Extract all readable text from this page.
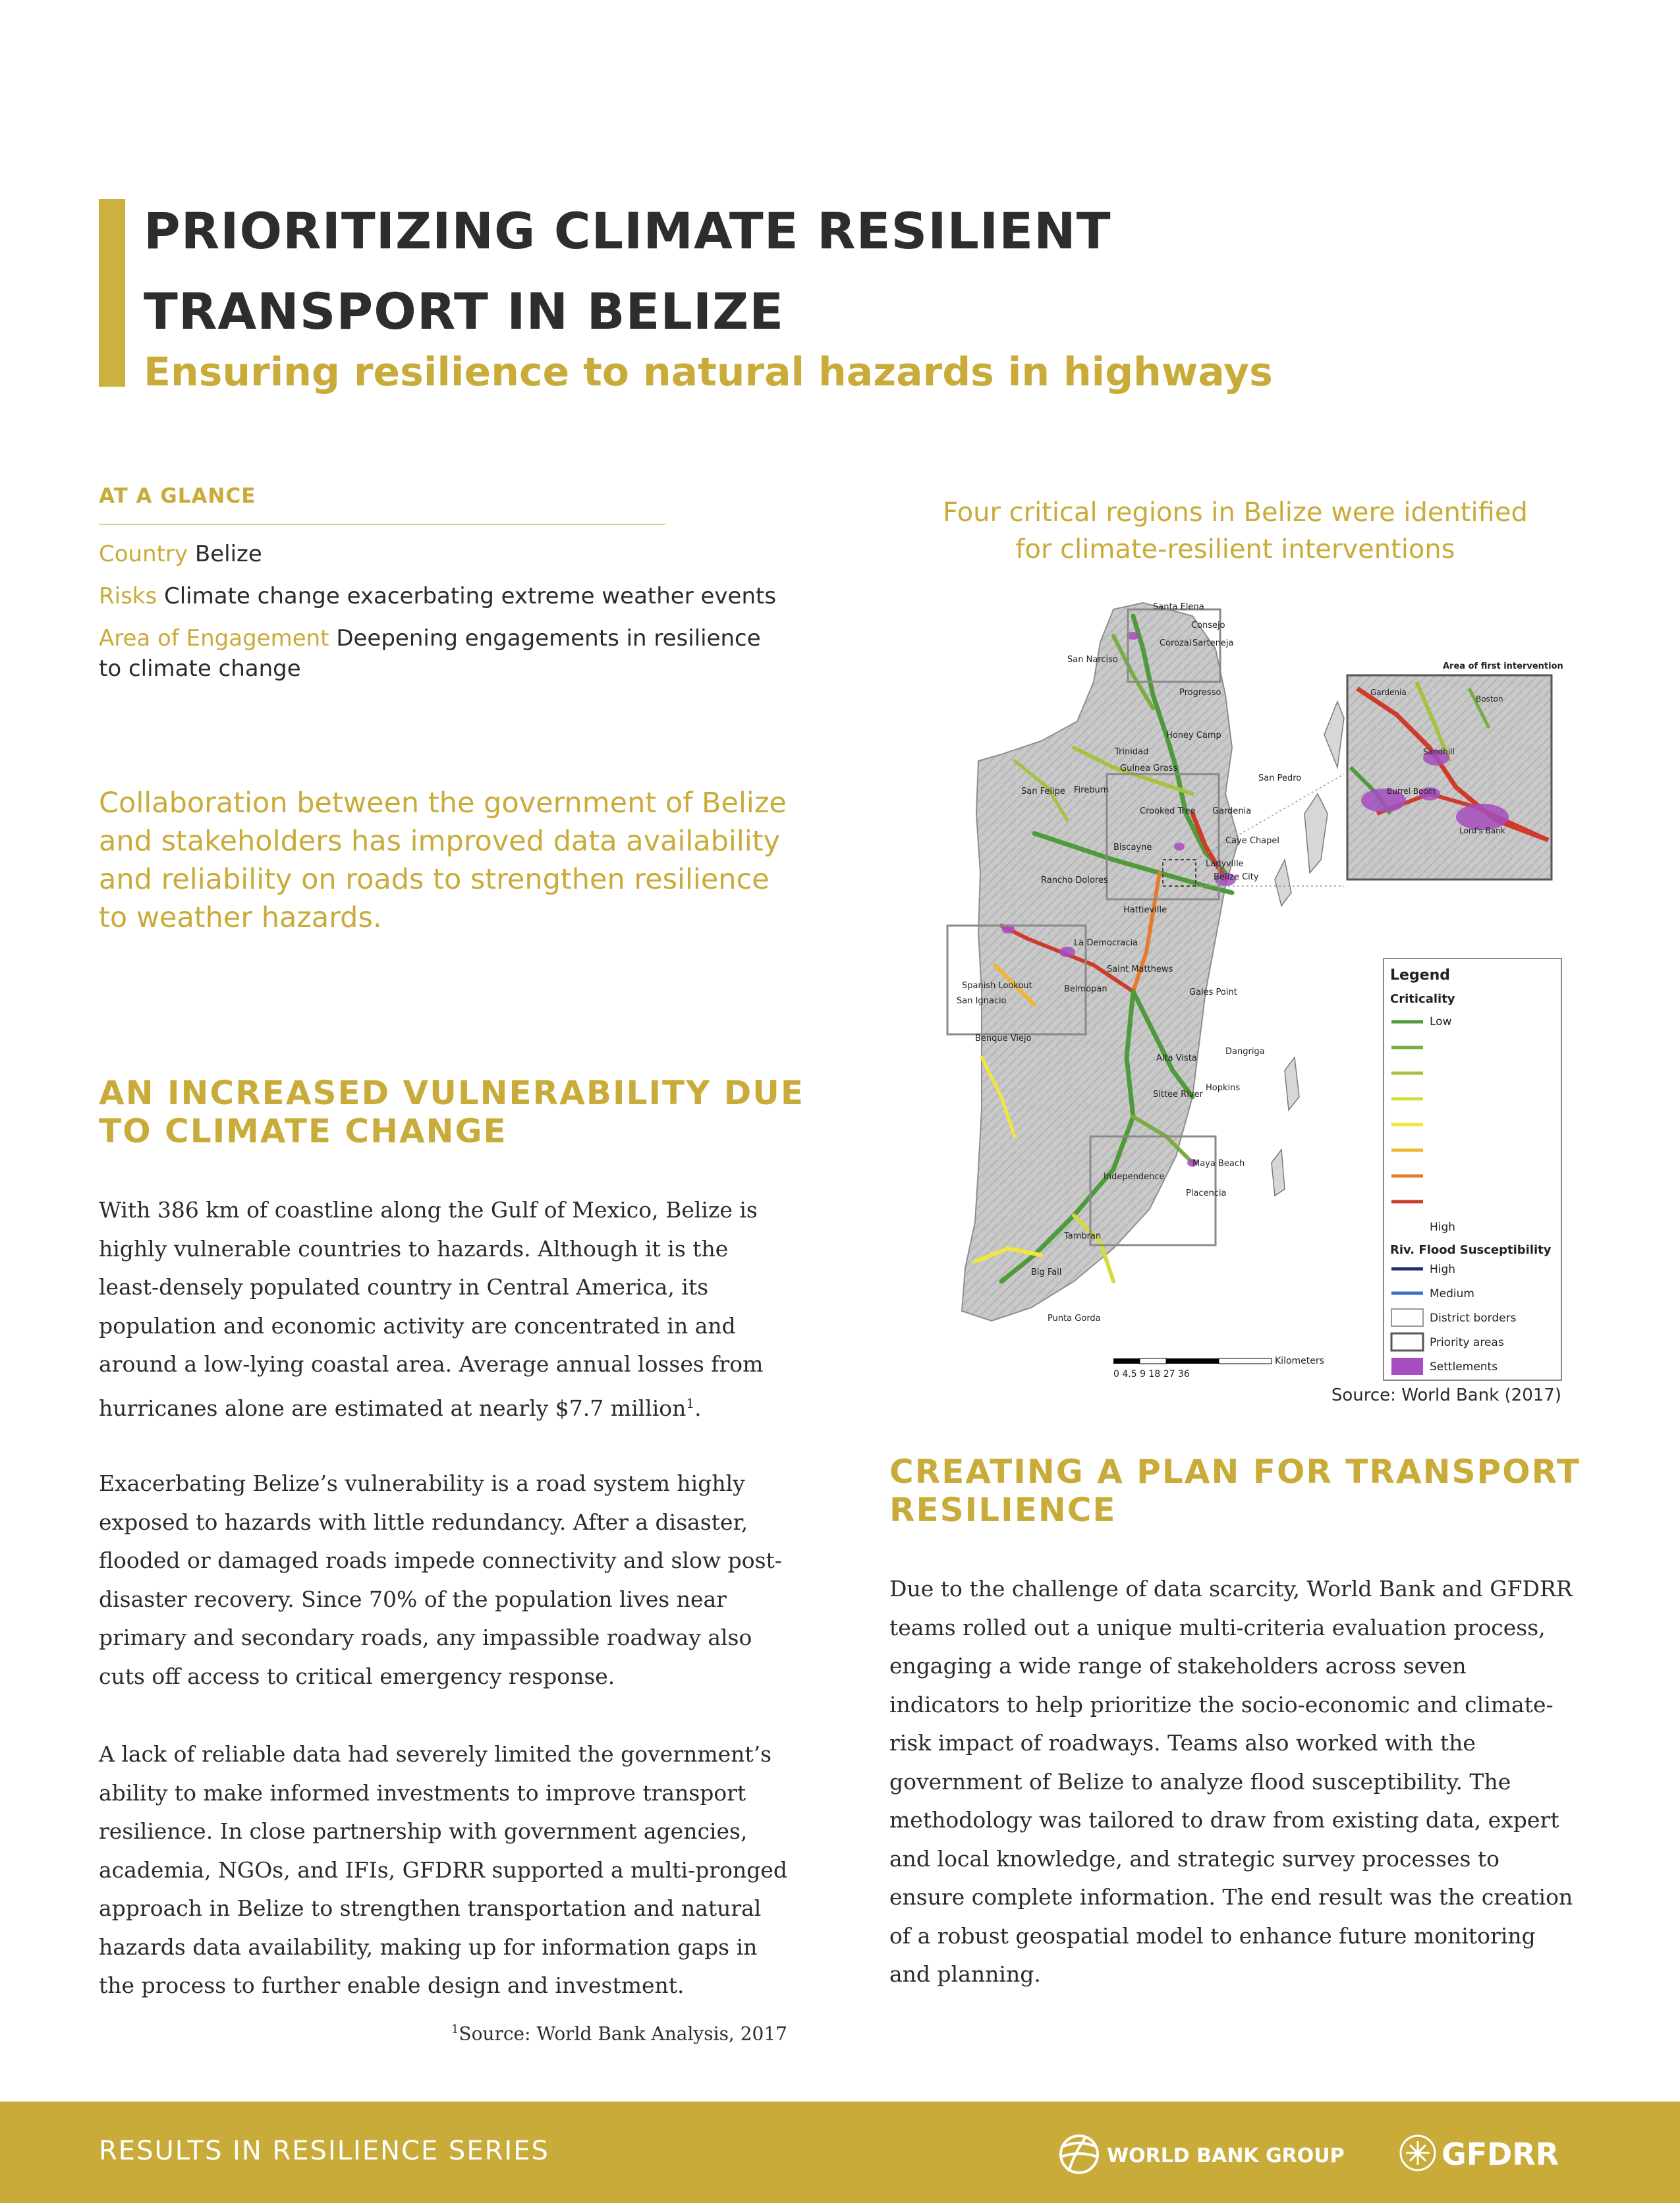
PRIORITIZING CLIMATE RESILIENT
TRANSPORT IN BELIZE

Ensuring resilience to natural hazards in highways

AT A GLANCE
Country Belize
Risks Climate change exacerbating extreme weather events
Area of Engagement Deepening engagements in resilience to climate change

Collaboration between the government of Belize and stakeholders has improved data availability and reliability on roads to strengthen resilience to weather hazards.

AN INCREASED VULNERABILITY DUE TO CLIMATE CHANGE

With 386 km of coastline along the Gulf of Mexico, Belize is highly vulnerable countries to hazards. Although it is the least-densely populated country in Central America, its population and economic activity are concentrated in and around a low-lying coastal area. Average annual losses from hurricanes alone are estimated at nearly $7.7 million$^1$.

Exacerbating Belize’s vulnerability is a road system highly exposed to hazards with little redundancy. After a disaster, flooded or damaged roads impede connectivity and slow post-disaster recovery. Since 70% of the population lives near primary and secondary roads, any impassible roadway also cuts off access to critical emergency response.

A lack of reliable data had severely limited the government’s ability to make informed investments to improve transport resilience. In close partnership with government agencies, academia, NGOs, and IFIs, GFDRR supported a multi-pronged approach in Belize to strengthen transportation and natural hazards data availability, making up for information gaps in the process to further enable design and investment.

$^1$Source: World Bank Analysis, 2017

Four critical regions in Belize were identified
for climate-resilient interventions

Santa Elena
Consejo
Corozal Sarteneja
San Narciso
Progresso
Honey Camp
Trinidad
Guinea Grass
San Felipe Fireburn
San Pedro
Crooked Tree Gardenia
Biscayne
Caye Chapel
Ladyville
Belize City
Rancho Dolores
Hattieville
La Democracia
Spanish Lookout
Saint Matthews
San Ignacio
Belmopan	Gales Point
Benque Viejo
Dangriga
Alta Vista
Hopkins
Sittee River
Maya Beach
Independence
Placencia
Tambran
Big Fall
Punta Gorda
0 4.5 9 18 27 36
Kilometers
Area of first intervention
Gardenia
Boston
Sandhill
Burrel Boom
Lord's Bank
Legend
Criticality
Low
High
Riv. Flood Susceptibility
High
Medium
District borders
Priority areas
Settlements
Source: World Bank (2017)
CREATING A PLAN FOR TRANSPORT RESILIENCE

Due to the challenge of data scarcity, World Bank and GFDRR teams rolled out a unique multi-criteria evaluation process, engaging a wide range of stakeholders across seven indicators to help prioritize the socio-economic and climate-risk impact of roadways. Teams also worked with the government of Belize to analyze flood susceptibility. The methodology was tailored to draw from existing data, expert and local knowledge, and strategic survey processes to ensure complete information. The end result was the creation of a robust geospatial model to enhance future monitoring and planning.

RESULTS IN RESILIENCE SERIES	WORLD BANK GROUP	GFDRR
